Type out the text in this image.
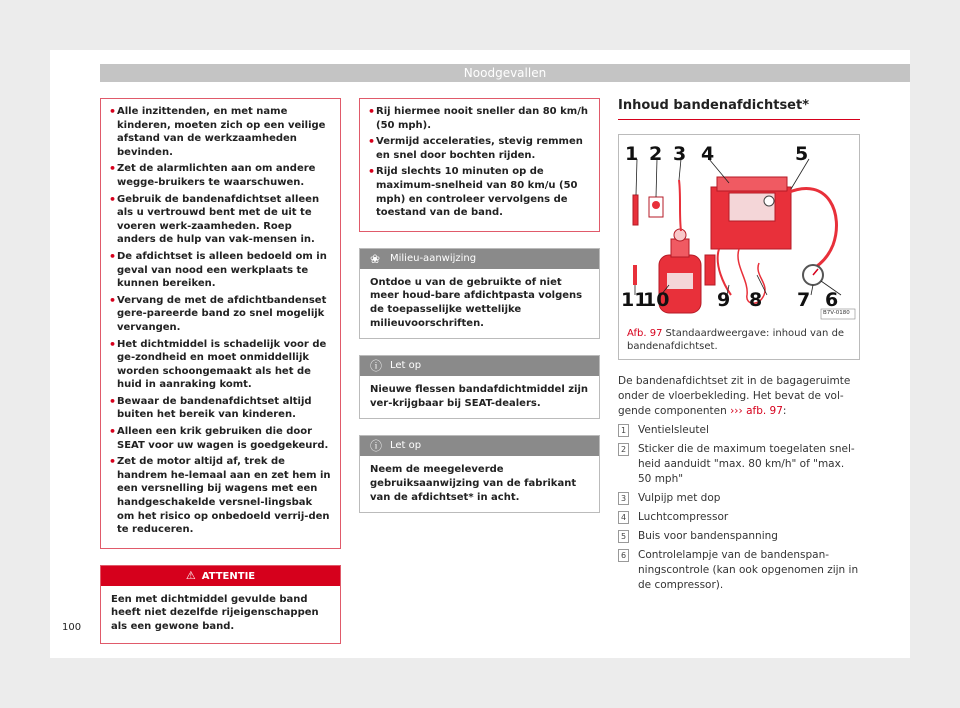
Noodgevallen
• Alle inzittenden, en met name kinderen, moeten zich op een veilige afstand van de werkzaamheden bevinden.
• Zet de alarmlichten aan om andere wegge-bruikers te waarschuwen.
• Gebruik de bandenafdichtset alleen als u vertrouwd bent met de uit te voeren werk-zaamheden. Roep anders de hulp van vak-mensen in.
• De afdichtset is alleen bedoeld om in geval van nood een werkplaats te kunnen bereiken.
• Vervang de met de afdichtbandenset gere-pareerde band zo snel mogelijk vervangen.
• Het dichtmiddel is schadelijk voor de ge-zondheid en moet onmiddellijk worden schoongemaakt als het de huid in aanraking komt.
• Bewaar de bandenafdichtset altijd buiten het bereik van kinderen.
• Alleen een krik gebruiken die door SEAT voor uw wagen is goedgekeurd.
• Zet de motor altijd af, trek de handrem he-lemaal aan en zet hem in een versnelling bij wagens met een handgeschakelde versnel-lingsbak om het risico op onbedoeld verrij-den te reduceren.
⚠ ATTENTIE
Een met dichtmiddel gevulde band heeft niet dezelfde rijeigenschappen als een gewone band.
• Rij hiermee nooit sneller dan 80 km/h (50 mph).
• Vermijd acceleraties, stevig remmen en snel door bochten rijden.
• Rijd slechts 10 minuten op de maximum-snelheid van 80 km/u (50 mph) en controleer vervolgens de toestand van de band.
❀ Milieu-aanwijzing
Ontdoe u van de gebruikte of niet meer houd-bare afdichtpasta volgens de toepasselijke wettelijke milieuvoorschriften.
ⓘ Let op
Nieuwe flessen bandafdichtmiddel zijn ver-krijgbaar bij SEAT-dealers.
ⓘ Let op
Neem de meegeleverde gebruiksaanwijzing van de fabrikant van de afdichtset* in acht.
Inhoud bandenafdichtset*
1 2 3 4	5
11
10	9 8 7 6
B7V-0180
Afb. 97 Standaardweergave: inhoud van de bandenafdichtset.
De bandenafdichtset zit in de bagageruimte onder de vloerbekleding. Het bevat de vol-gende componenten ››› afb. 97:
1 Ventielsleutel
2 Sticker die de maximum toegelaten snel-heid aanduidt "max. 80 km/h" of "max. 50 mph"
3 Vulpijp met dop
4 Luchtcompressor
5 Buis voor bandenspanning
6 Controlelampje van de bandenspan-ningscontrole (kan ook opgenomen zijn in de compressor).
100
